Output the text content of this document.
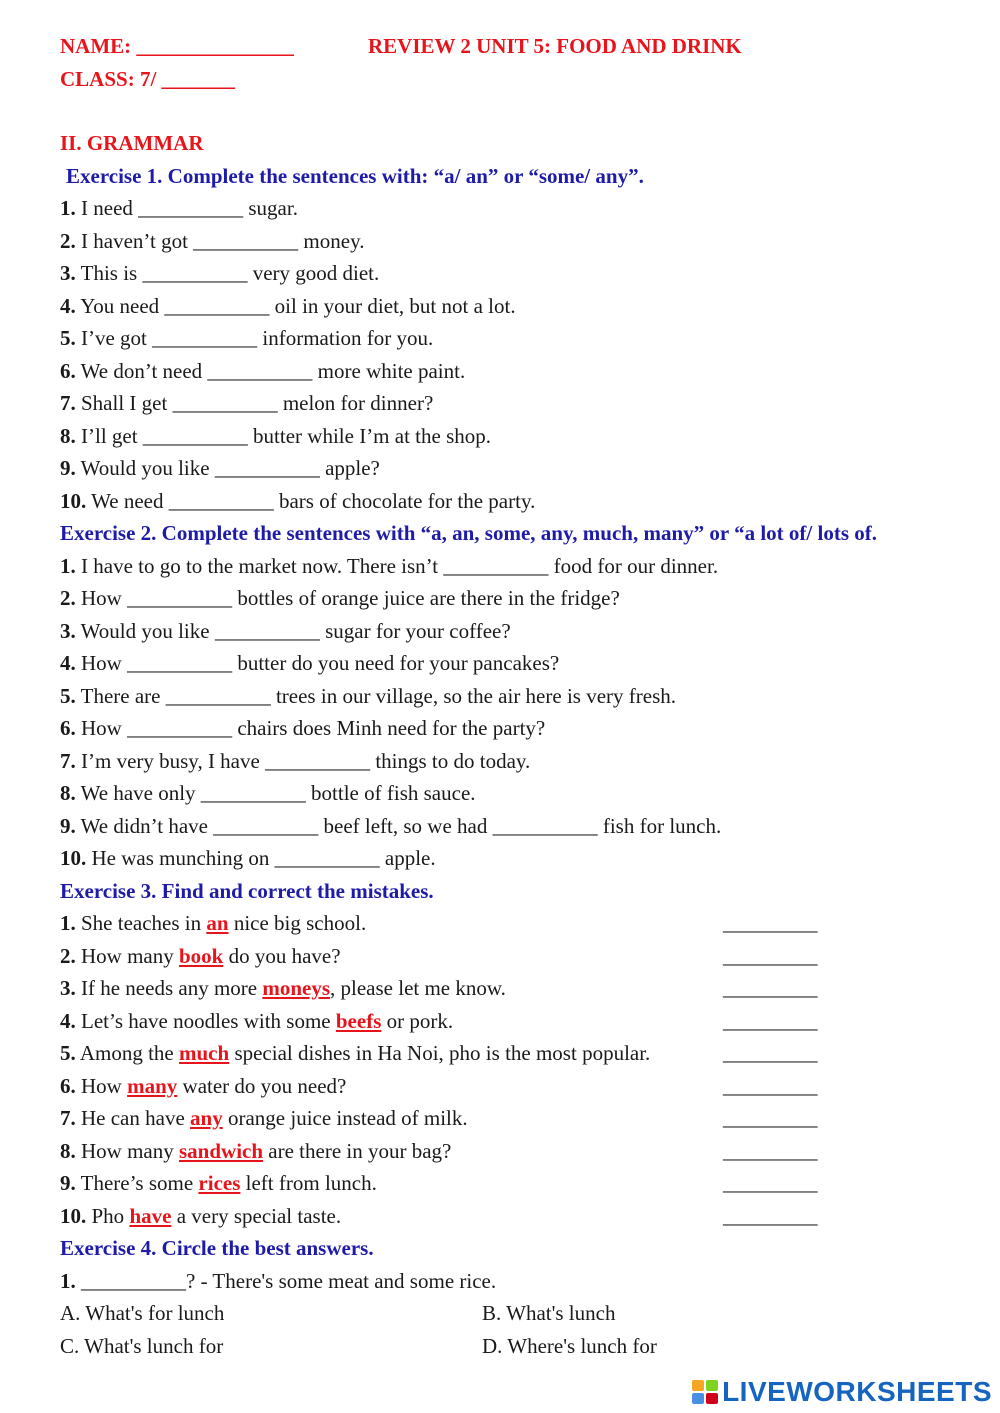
NAME: _______________	REVIEW 2 UNIT 5: FOOD AND DRINK
CLASS: 7/ _______
II. GRAMMAR
Exercise 1. Complete the sentences with: “a/ an” or “some/ any”.
1. I need __________ sugar.
2. I haven’t got __________ money.
3. This is __________ very good diet.
4. You need __________ oil in your diet, but not a lot.
5. I’ve got __________ information for you.
6. We don’t need __________ more white paint.
7. Shall I get __________ melon for dinner?
8. I’ll get __________ butter while I’m at the shop.
9. Would you like __________ apple?
10. We need __________ bars of chocolate for the party.
Exercise 2. Complete the sentences with “a, an, some, any, much, many” or “a lot of/ lots of.
1. I have to go to the market now. There isn’t __________ food for our dinner.
2. How __________ bottles of orange juice are there in the fridge?
3. Would you like __________ sugar for your coffee?
4. How __________ butter do you need for your pancakes?
5. There are __________ trees in our village, so the air here is very fresh.
6. How __________ chairs does Minh need for the party?
7. I’m very busy, I have __________ things to do today.
8. We have only __________ bottle of fish sauce.
9. We didn’t have __________ beef left, so we had __________ fish for lunch.
10. He was munching on __________ apple.
Exercise 3. Find and correct the mistakes.
1. She teaches in an nice big school.	_________
2. How many book do you have?	_________
3. If he needs any more moneys, please let me know.	_________
4. Let’s have noodles with some beefs or pork.	_________
5. Among the much special dishes in Ha Noi, pho is the most popular.	_________
6. How many water do you need?	_________
7. He can have any orange juice instead of milk.	_________
8. How many sandwich are there in your bag?	_________
9. There’s some rices left from lunch.	_________
10. Pho have a very special taste.	_________
Exercise 4. Circle the best answers.
1. __________? - There's some meat and some rice.
A. What's for lunch	B. What's lunch
C. What's lunch for	D. Where's lunch for
LIVEWORKSHEETS
